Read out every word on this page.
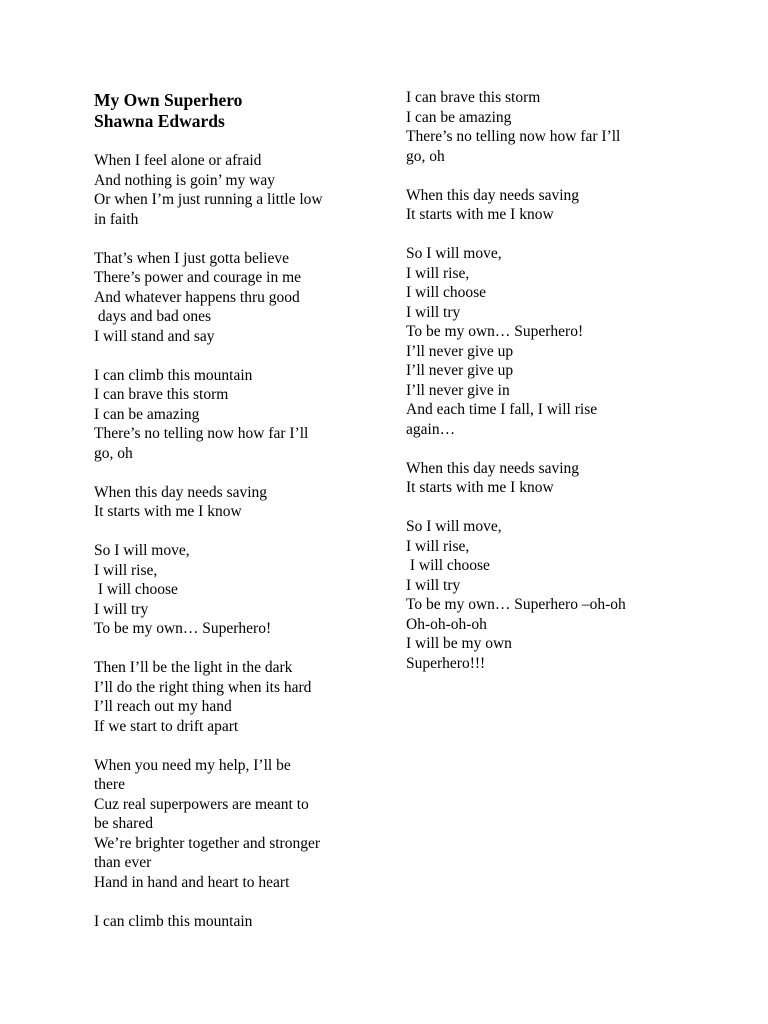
My Own Superhero
Shawna Edwards
When I feel alone or afraid
And nothing is goin’ my way
Or when I’m just running a little low
in faith
That’s when I just gotta believe
There’s power and courage in me
And whatever happens thru good
days and bad ones
I will stand and say
I can climb this mountain
I can brave this storm
I can be amazing
There’s no telling now how far I’ll
go, oh
When this day needs saving
It starts with me I know
So I will move,
I will rise,
I will choose
I will try
To be my own… Superhero!
Then I’ll be the light in the dark
I’ll do the right thing when its hard
I’ll reach out my hand
If we start to drift apart
When you need my help, I’ll be
there
Cuz real superpowers are meant to
be shared
We’re brighter together and stronger
than ever
Hand in hand and heart to heart
I can climb this mountain
I can brave this storm
I can be amazing
There’s no telling now how far I’ll
go, oh
When this day needs saving
It starts with me I know
So I will move,
I will rise,
I will choose
I will try
To be my own… Superhero!
I’ll never give up
I’ll never give up
I’ll never give in
And each time I fall, I will rise
again…
When this day needs saving
It starts with me I know
So I will move,
I will rise,
I will choose
I will try
To be my own… Superhero –oh-oh
Oh-oh-oh-oh
I will be my own
Superhero!!!
